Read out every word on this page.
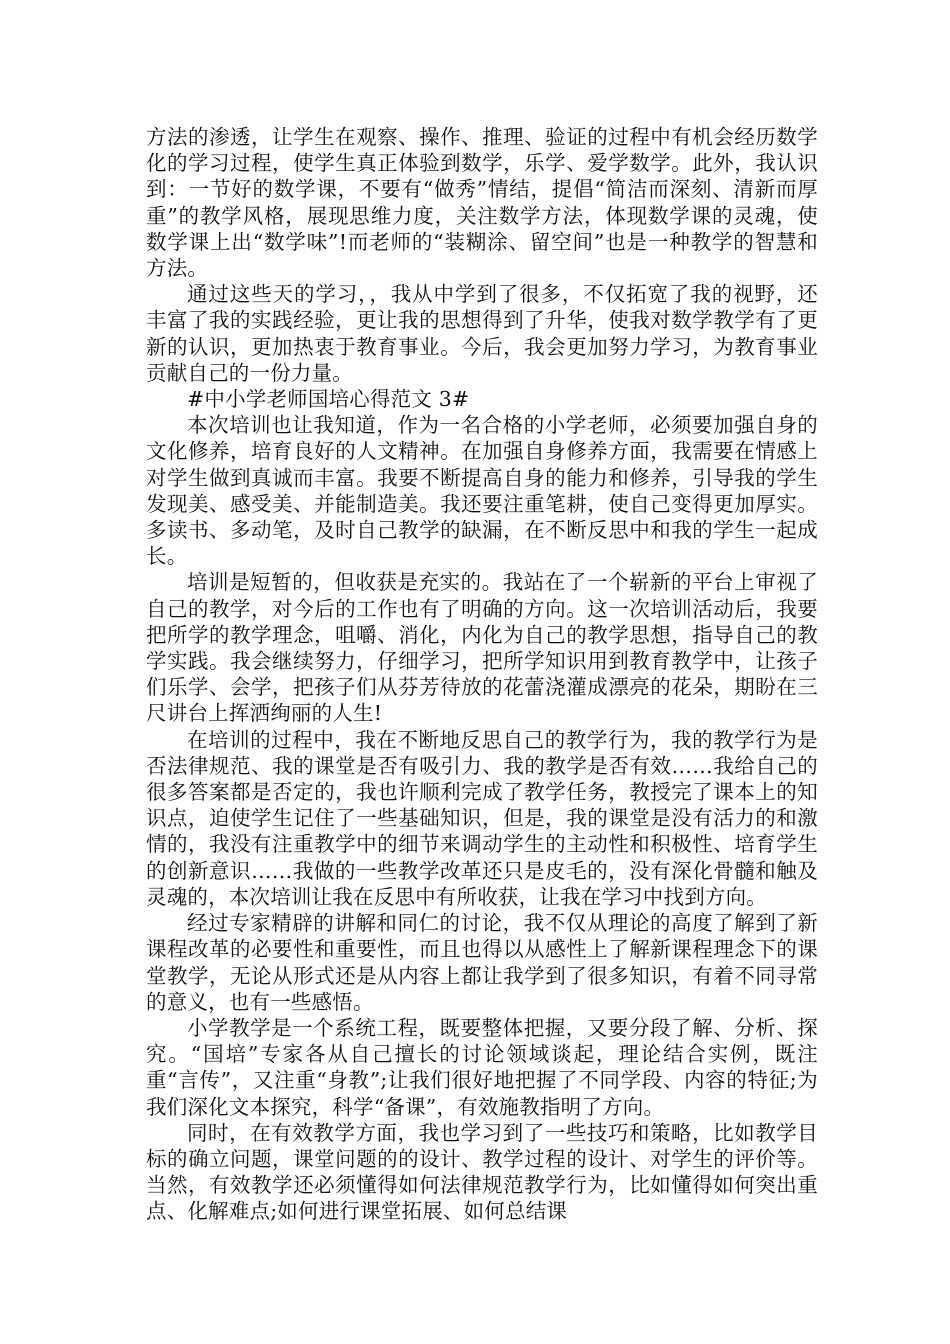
方法的渗透，让学生在观察、操作、推理、验证的过程中有机会经历数学化的学习过程，使学生真正体验到数学，乐学、爱学数学。此外，我认识到：一节好的数学课，不要有“做秀”情结，提倡“简洁而深刻、清新而厚重”的教学风格，展现思维力度，关注数学方法，体现数学课的灵魂，使数学课上出“数学味”!而老师的“装糊涂、留空间”也是一种教学的智慧和方法。

通过这些天的学习，，我从中学到了很多，不仅拓宽了我的视野，还丰富了我的实践经验，更让我的思想得到了升华，使我对数学教学有了更新的认识，更加热衷于教育事业。今后，我会更加努力学习，为教育事业贡献自己的一份力量。

#中小学老师国培心得范文 3#

本次培训也让我知道，作为一名合格的小学老师，必须要加强自身的文化修养，培育良好的人文精神。在加强自身修养方面，我需要在情感上对学生做到真诚而丰富。我要不断提高自身的能力和修养，引导我的学生发现美、感受美、并能制造美。我还要注重笔耕，使自己变得更加厚实。多读书、多动笔，及时自己教学的缺漏，在不断反思中和我的学生一起成长。

培训是短暂的，但收获是充实的。我站在了一个崭新的平台上审视了自己的教学，对今后的工作也有了明确的方向。这一次培训活动后，我要把所学的教学理念，咀嚼、消化，内化为自己的教学思想，指导自己的教学实践。我会继续努力，仔细学习，把所学知识用到教育教学中，让孩子们乐学、会学，把孩子们从芬芳待放的花蕾浇灌成漂亮的花朵，期盼在三尺讲台上挥洒绚丽的人生!

在培训的过程中，我在不断地反思自己的教学行为，我的教学行为是否法律规范、我的课堂是否有吸引力、我的教学是否有效……我给自己的很多答案都是否定的，我也许顺利完成了教学任务，教授完了课本上的知识点，迫使学生记住了一些基础知识，但是，我的课堂是没有活力的和激情的，我没有注重教学中的细节来调动学生的主动性和积极性、培育学生的创新意识……我做的一些教学改革还只是皮毛的，没有深化骨髓和触及灵魂的，本次培训让我在反思中有所收获，让我在学习中找到方向。

经过专家精辟的讲解和同仁的讨论，我不仅从理论的高度了解到了新课程改革的必要性和重要性，而且也得以从感性上了解新课程理念下的课堂教学，无论从形式还是从内容上都让我学到了很多知识，有着不同寻常的意义，也有一些感悟。

小学教学是一个系统工程，既要整体把握，又要分段了解、分析、探究。“国培”专家各从自己擅长的讨论领域谈起，理论结合实例，既注重“言传”，又注重“身教”;让我们很好地把握了不同学段、内容的特征;为我们深化文本探究，科学“备课”，有效施教指明了方向。

同时，在有效教学方面，我也学习到了一些技巧和策略，比如教学目标的确立问题，课堂问题的的设计、教学过程的设计、对学生的评价等。当然，有效教学还必须懂得如何法律规范教学行为，比如懂得如何突出重点、化解难点;如何进行课堂拓展、如何总结课
